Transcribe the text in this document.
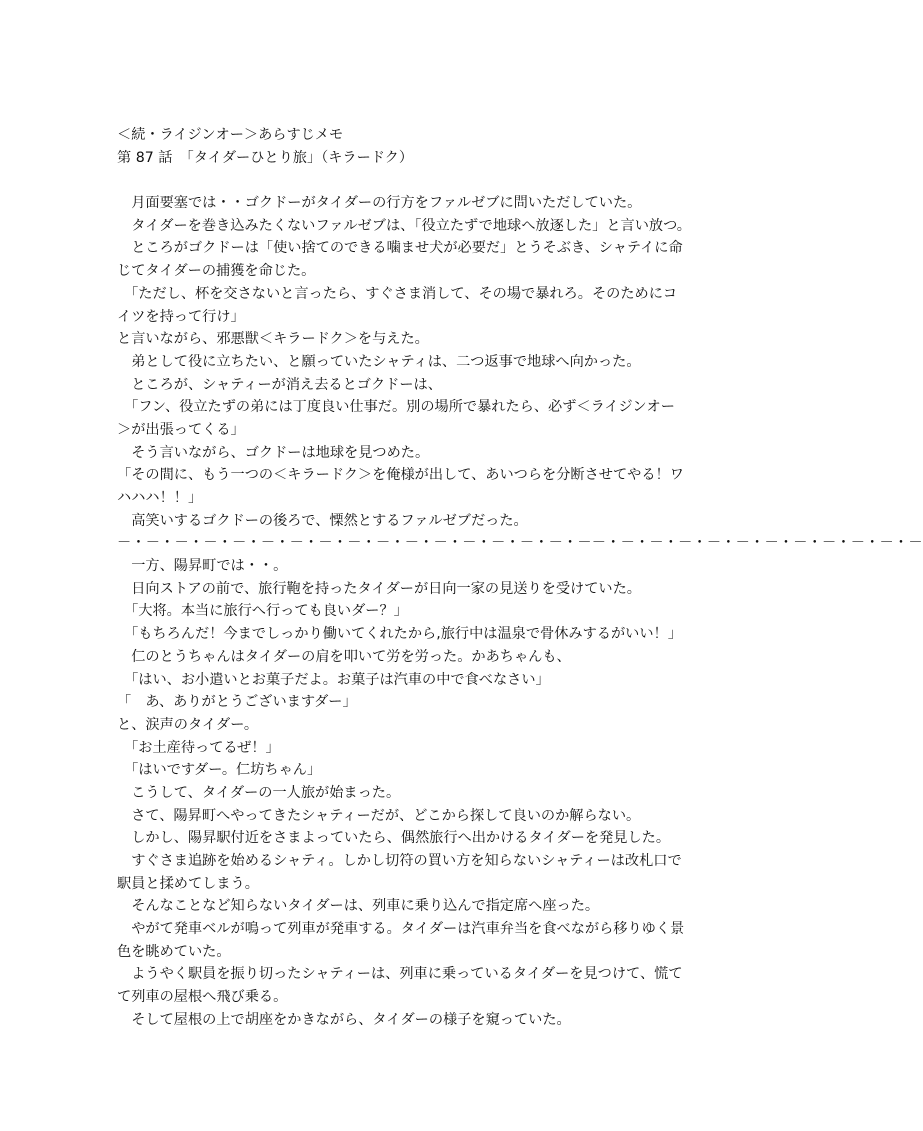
＜続・ライジンオー＞あらすじメモ
第 87 話　「タイダーひとり旅」（キラードク）
　月面要塞では・・ゴクドーがタイダーの行方をファルゼブに問いただしていた。
　タイダーを巻き込みたくないファルゼブは、「役立たずで地球へ放逐した」と言い放つ。
　ところがゴクドーは「使い捨てのできる噛ませ犬が必要だ」とうそぶき、シャテイに命
じてタイダーの捕獲を命じた。
　「ただし、杯を交さないと言ったら、すぐさま消して、その場で暴れろ。そのためにコ
イツを持って行け」
と言いながら、邪悪獣＜キラードク＞を与えた。
　弟として役に立ちたい、と願っていたシャティは、二つ返事で地球へ向かった。
　ところが、シャティーが消え去るとゴクドーは、
　「フン、役立たずの弟には丁度良い仕事だ。別の場所で暴れたら、必ず＜ライジンオー
＞が出張ってくる」
　そう言いながら、ゴクドーは地球を見つめた。
「その間に、もう一つの＜キラードク＞を俺様が出して、あいつらを分断させてやる！ワ
ハハハ！！」
　高笑いするゴクドーの後ろで、慄然とするファルゼブだった。
－・－・－・－・－・－・－・－・－・－・－・－・－・－・－・－・－－・－・－・－・－・－・－・－・－・－・－・－
　一方、陽昇町では・・。
　日向ストアの前で、旅行鞄を持ったタイダーが日向一家の見送りを受けていた。
　「大将。本当に旅行へ行っても良いダー？」
　「もちろんだ！今までしっかり働いてくれたから,旅行中は温泉で骨休みするがいい！」
　仁のとうちゃんはタイダーの肩を叩いて労を労った。かあちゃんも、
　「はい、お小遣いとお菓子だよ。お菓子は汽車の中で食べなさい」
「　あ、ありがとうございますダー」
と、涙声のタイダー。
　「お土産待ってるぜ！」
　「はいですダー。仁坊ちゃん」
　こうして、タイダーの一人旅が始まった。
　さて、陽昇町へやってきたシャティーだが、どこから探して良いのか解らない。
　しかし、陽昇駅付近をさまよっていたら、偶然旅行へ出かけるタイダーを発見した。
　すぐさま追跡を始めるシャティ。しかし切符の買い方を知らないシャティーは改札口で
駅員と揉めてしまう。
　そんなことなど知らないタイダーは、列車に乗り込んで指定席へ座った。
　やがて発車ベルが鳴って列車が発車する。タイダーは汽車弁当を食べながら移りゆく景
色を眺めていた。
　ようやく駅員を振り切ったシャティーは、列車に乗っているタイダーを見つけて、慌て
て列車の屋根へ飛び乗る。
　そして屋根の上で胡座をかきながら、タイダーの様子を窺っていた。
